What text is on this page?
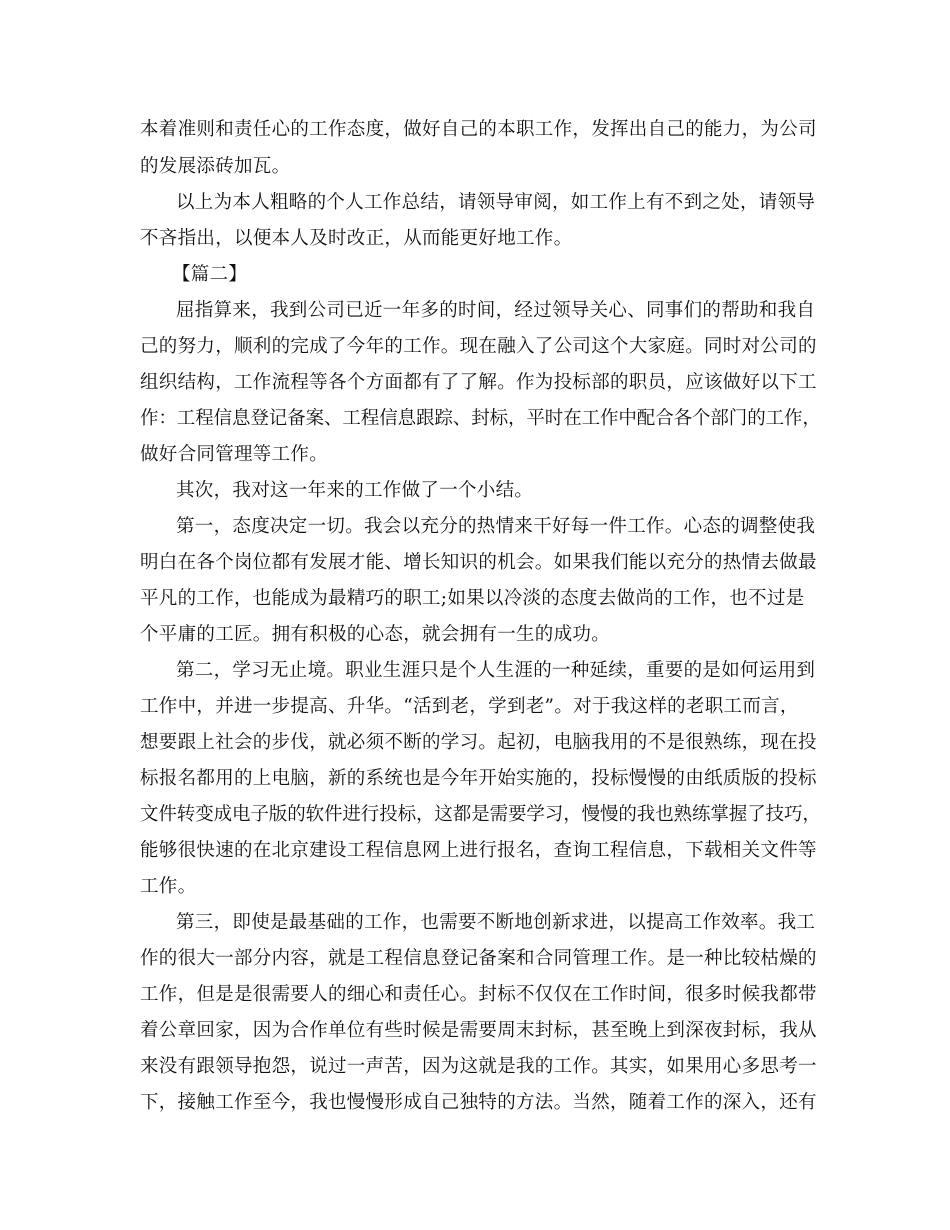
本着准则和责任心的工作态度，做好自己的本职工作，发挥出自己的能力，为公司
的发展添砖加瓦。
以上为本人粗略的个人工作总结，请领导审阅，如工作上有不到之处，请领导
不吝指出，以便本人及时改正，从而能更好地工作。
【篇二】
屈指算来，我到公司已近一年多的时间，经过领导关心、同事们的帮助和我自
己的努力，顺利的完成了今年的工作。现在融入了公司这个大家庭。同时对公司的
组织结构，工作流程等各个方面都有了了解。作为投标部的职员，应该做好以下工
作：工程信息登记备案、工程信息跟踪、封标，平时在工作中配合各个部门的工作，
做好合同管理等工作。
其次，我对这一年来的工作做了一个小结。
第一，态度决定一切。我会以充分的热情来干好每一件工作。心态的调整使我
明白在各个岗位都有发展才能、增长知识的机会。如果我们能以充分的热情去做最
平凡的工作，也能成为最精巧的职工;如果以冷淡的态度去做尚的工作，也不过是
个平庸的工匠。拥有积极的心态，就会拥有一生的成功。
第二，学习无止境。职业生涯只是个人生涯的一种延续，重要的是如何运用到
工作中，并进一步提高、升华。“活到老，学到老”。对于我这样的老职工而言，
想要跟上社会的步伐，就必须不断的学习。起初，电脑我用的不是很熟练，现在投
标报名都用的上电脑，新的系统也是今年开始实施的，投标慢慢的由纸质版的投标
文件转变成电子版的软件进行投标，这都是需要学习，慢慢的我也熟练掌握了技巧，
能够很快速的在北京建设工程信息网上进行报名，查询工程信息，下载相关文件等
工作。
第三，即使是最基础的工作，也需要不断地创新求进，以提高工作效率。我工
作的很大一部分内容，就是工程信息登记备案和合同管理工作。是一种比较枯燥的
工作，但是是很需要人的细心和责任心。封标不仅仅在工作时间，很多时候我都带
着公章回家，因为合作单位有些时候是需要周末封标，甚至晚上到深夜封标，我从
来没有跟领导抱怨，说过一声苦，因为这就是我的工作。其实，如果用心多思考一
下，接触工作至今，我也慢慢形成自己独特的方法。当然，随着工作的深入，还有
